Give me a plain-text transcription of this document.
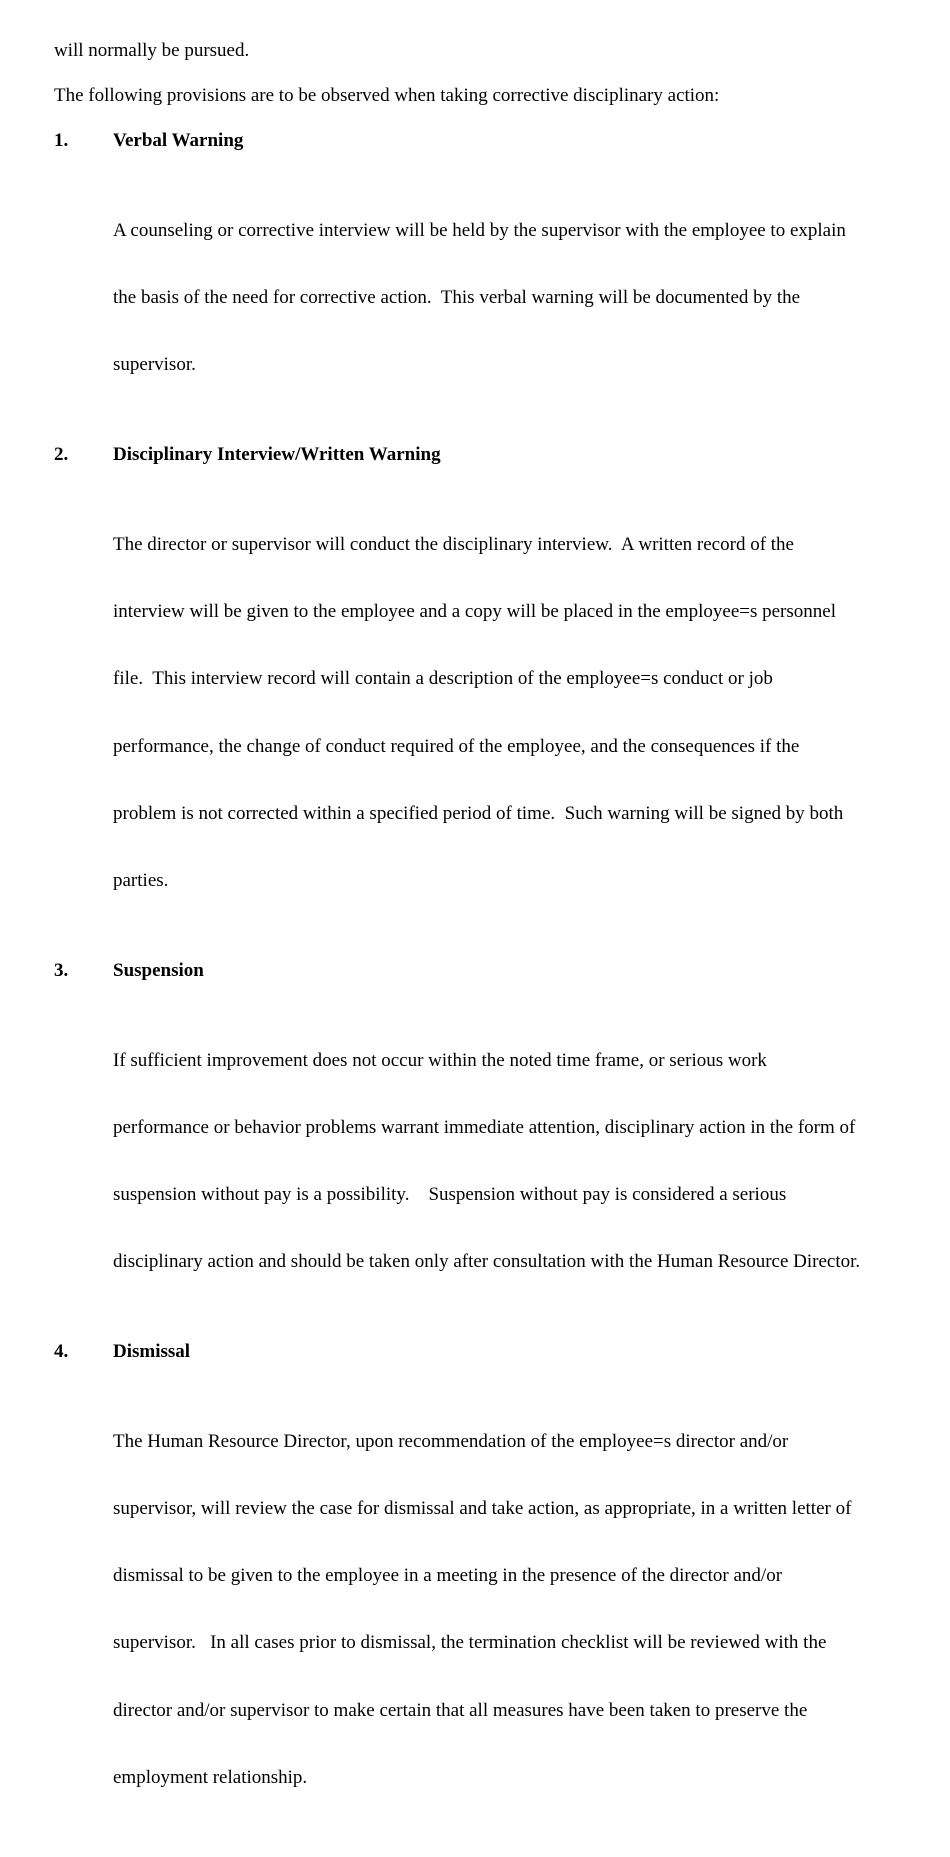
will normally be pursued.

The following provisions are to be observed when taking corrective disciplinary action:

1. Verbal Warning

A counseling or corrective interview will be held by the supervisor with the employee to explain

the basis of the need for corrective action.  This verbal warning will be documented by the

supervisor.

2. Disciplinary Interview/Written Warning

The director or supervisor will conduct the disciplinary interview.  A written record of the

interview will be given to the employee and a copy will be placed in the employee=s personnel

file.  This interview record will contain a description of the employee=s conduct or job

performance, the change of conduct required of the employee, and the consequences if the

problem is not corrected within a specified period of time.  Such warning will be signed by both

parties.

3. Suspension

If sufficient improvement does not occur within the noted time frame, or serious work

performance or behavior problems warrant immediate attention, disciplinary action in the form of

suspension without pay is a possibility.    Suspension without pay is considered a serious

disciplinary action and should be taken only after consultation with the Human Resource Director.

4. Dismissal

The Human Resource Director, upon recommendation of the employee=s director and/or

supervisor, will review the case for dismissal and take action, as appropriate, in a written letter of

dismissal to be given to the employee in a meeting in the presence of the director and/or

supervisor.   In all cases prior to dismissal, the termination checklist will be reviewed with the

director and/or supervisor to make certain that all measures have been taken to preserve the

employment relationship.
